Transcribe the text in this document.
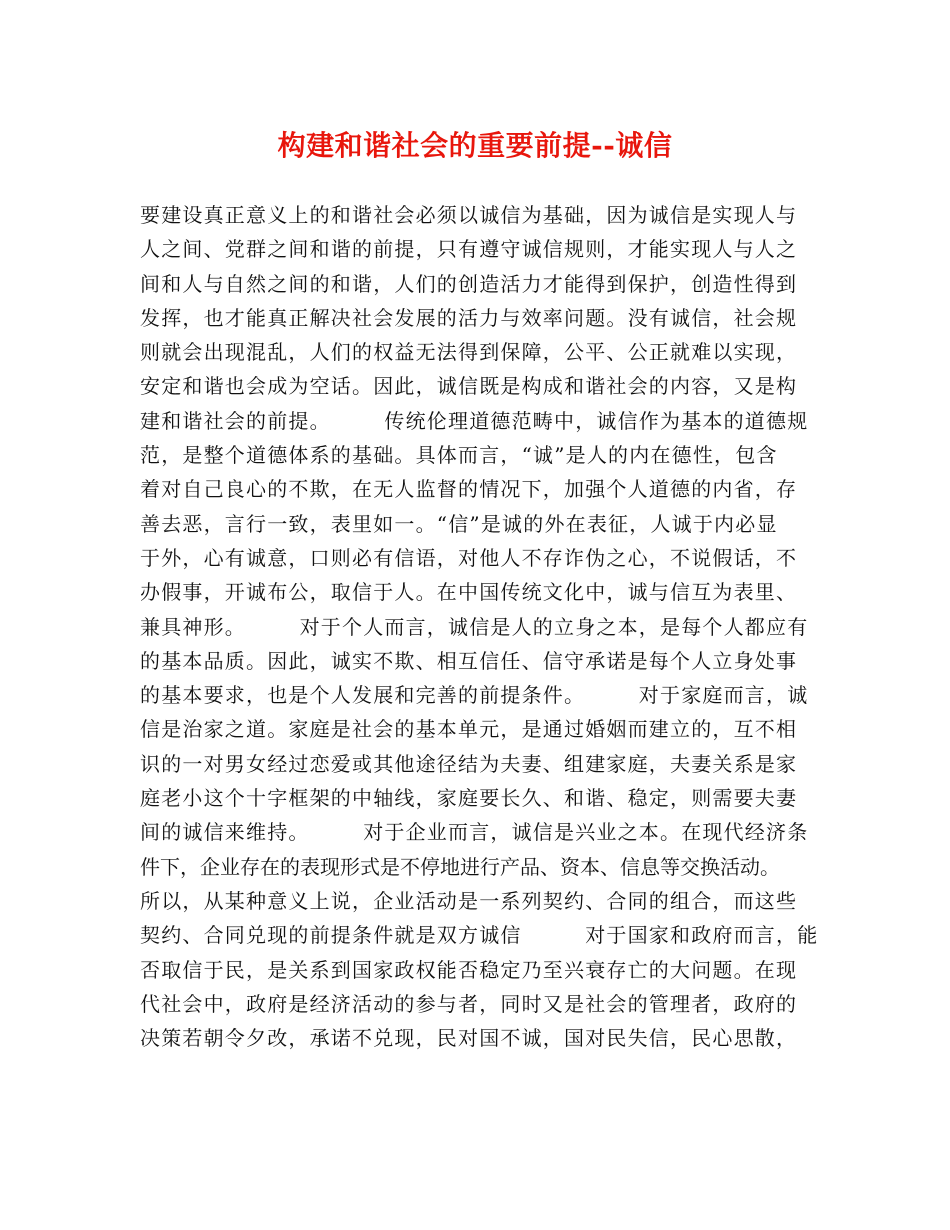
构建和谐社会的重要前提--诚信
要建设真正意义上的和谐社会必须以诚信为基础，因为诚信是实现人与
人之间、党群之间和谐的前提，只有遵守诚信规则，才能实现人与人之
间和人与自然之间的和谐，人们的创造活力才能得到保护，创造性得到
发挥，也才能真正解决社会发展的活力与效率问题。没有诚信，社会规
则就会出现混乱，人们的权益无法得到保障，公平、公正就难以实现，
安定和谐也会成为空话。因此，诚信既是构成和谐社会的内容，又是构
建和谐社会的前提。　　　传统伦理道德范畴中，诚信作为基本的道德规
范，是整个道德体系的基础。具体而言，“诚”是人的内在德性，包含
着对自己良心的不欺，在无人监督的情况下，加强个人道德的内省，存
善去恶，言行一致，表里如一。“信”是诚的外在表征，人诚于内必显
于外，心有诚意，口则必有信语，对他人不存诈伪之心，不说假话，不
办假事，开诚布公，取信于人。在中国传统文化中，诚与信互为表里、
兼具神形。　　　对于个人而言，诚信是人的立身之本，是每个人都应有
的基本品质。因此，诚实不欺、相互信任、信守承诺是每个人立身处事
的基本要求，也是个人发展和完善的前提条件。　　　对于家庭而言，诚
信是治家之道。家庭是社会的基本单元，是通过婚姻而建立的，互不相
识的一对男女经过恋爱或其他途径结为夫妻、组建家庭，夫妻关系是家
庭老小这个十字框架的中轴线，家庭要长久、和谐、稳定，则需要夫妻
间的诚信来维持。　　　对于企业而言，诚信是兴业之本。在现代经济条
件下，企业存在的表现形式是不停地进行产品、资本、信息等交换活动。
所以，从某种意义上说，企业活动是一系列契约、合同的组合，而这些
契约、合同兑现的前提条件就是双方诚信　　　对于国家和政府而言，能
否取信于民，是关系到国家政权能否稳定乃至兴衰存亡的大问题。在现
代社会中，政府是经济活动的参与者，同时又是社会的管理者，政府的
决策若朝令夕改，承诺不兑现，民对国不诚，国对民失信，民心思散，
